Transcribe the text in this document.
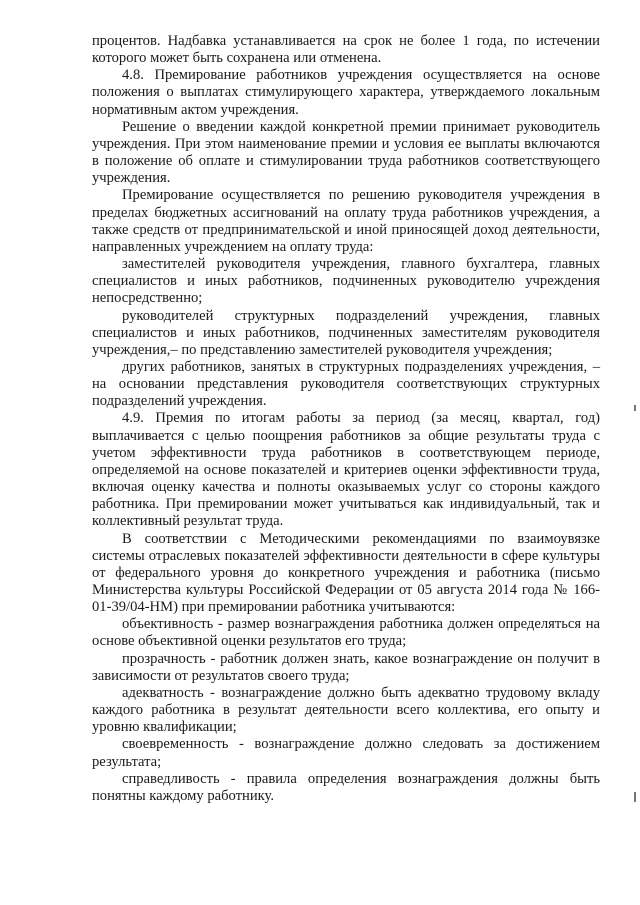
процентов. Надбавка устанавливается на срок не более 1 года, по истечении которого может быть сохранена или отменена.

4.8. Премирование работников учреждения осуществляется на основе положения о выплатах стимулирующего характера, утверждаемого локальным нормативным актом учреждения.

Решение о введении каждой конкретной премии принимает руководитель учреждения. При этом наименование премии и условия ее выплаты включаются в положение об оплате и стимулировании труда работников соответствующего учреждения.

Премирование осуществляется по решению руководителя учреждения в пределах бюджетных ассигнований на оплату труда работников учреждения, а также средств от предпринимательской и иной приносящей доход деятельности, направленных учреждением на оплату труда:

заместителей руководителя учреждения, главного бухгалтера, главных специалистов и иных работников, подчиненных руководителю учреждения непосредственно;

руководителей структурных подразделений учреждения, главных специалистов и иных работников, подчиненных заместителям руководителя учреждения,– по представлению заместителей руководителя учреждения;

других работников, занятых в структурных подразделениях учреждения, – на основании представления руководителя соответствующих структурных подразделений учреждения.

4.9. Премия по итогам работы за период (за месяц, квартал, год) выплачивается с целью поощрения работников за общие результаты труда с учетом эффективности труда работников в соответствующем периоде, определяемой на основе показателей и критериев оценки эффективности труда, включая оценку качества и полноты оказываемых услуг со стороны каждого работника. При премировании может учитываться как индивидуальный, так и коллективный результат труда.

В соответствии с Методическими рекомендациями по взаимоувязке системы отраслевых показателей эффективности деятельности в сфере культуры от федерального уровня до конкретного учреждения и работника (письмо Министерства культуры Российской Федерации от 05 августа 2014 года № 166-01-39/04-НМ) при премировании работника учитываются:

объективность - размер вознаграждения работника должен определяться на основе объективной оценки результатов его труда;

прозрачность - работник должен знать, какое вознаграждение он получит в зависимости от результатов своего труда;

адекватность - вознаграждение должно быть адекватно трудовому вкладу каждого работника в результат деятельности всего коллектива, его опыту и уровню квалификации;

своевременность - вознаграждение должно следовать за достижением результата;

справедливость - правила определения вознаграждения должны быть понятны каждому работнику.
